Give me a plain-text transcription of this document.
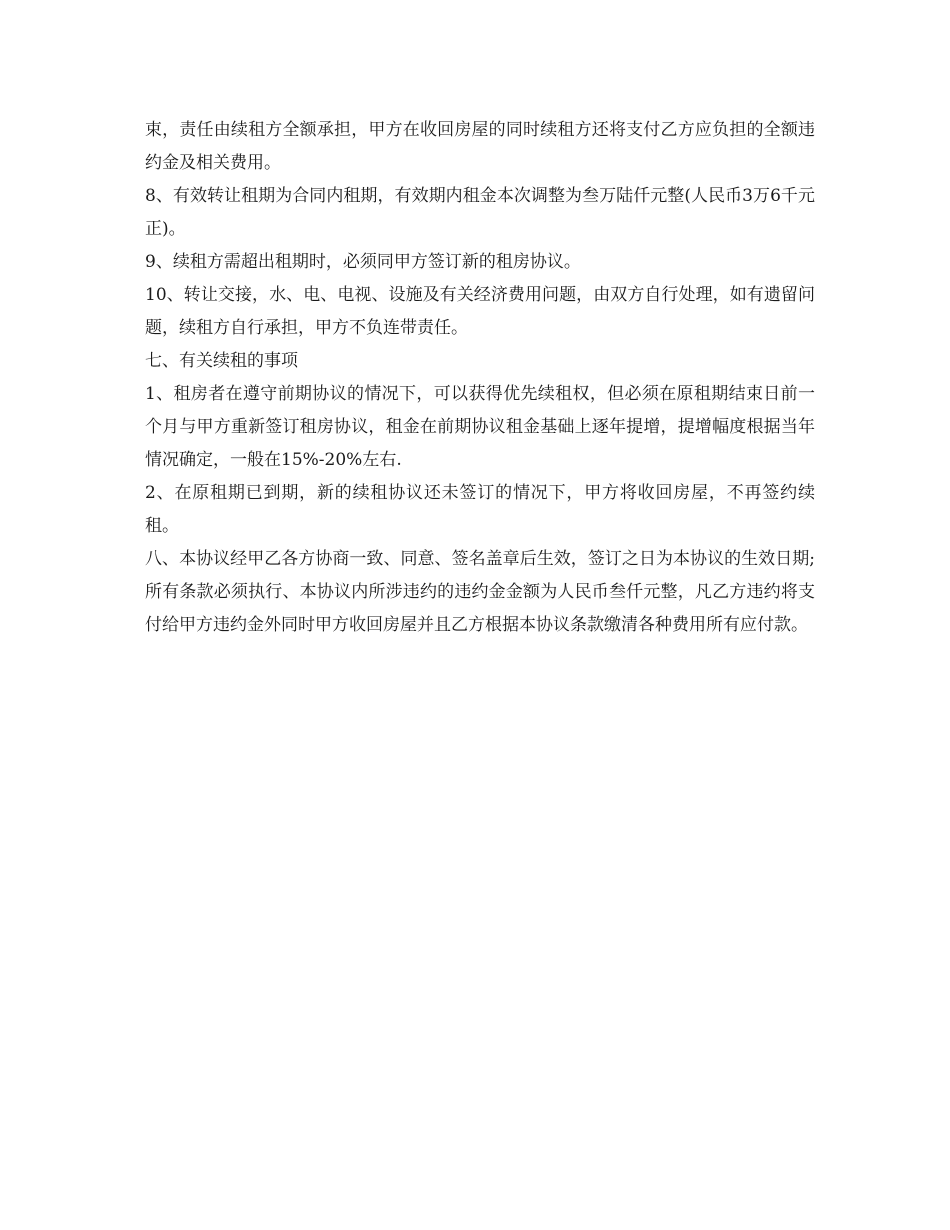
束，责任由续租方全额承担，甲方在收回房屋的同时续租方还将支付乙方应负担的全额违约金及相关费用。

8、有效转让租期为合同内租期，有效期内租金本次调整为叁万陆仟元整(人民币3万6千元正)。

9、续租方需超出租期时，必须同甲方签订新的租房协议。

10、转让交接，水、电、电视、设施及有关经济费用问题，由双方自行处理，如有遗留问题，续租方自行承担，甲方不负连带责任。

七、有关续租的事项

1、租房者在遵守前期协议的情况下，可以获得优先续租权，但必须在原租期结束日前一个月与甲方重新签订租房协议，租金在前期协议租金基础上逐年提增，提增幅度根据当年情况确定，一般在15%-20%左右.

2、在原租期已到期，新的续租协议还未签订的情况下，甲方将收回房屋，不再签约续租。

八、本协议经甲乙各方协商一致、同意、签名盖章后生效，签订之日为本协议的生效日期;所有条款必须执行、本协议内所涉违约的违约金金额为人民币叁仟元整，凡乙方违约将支付给甲方违约金外同时甲方收回房屋并且乙方根据本协议条款缴清各种费用所有应付款。
